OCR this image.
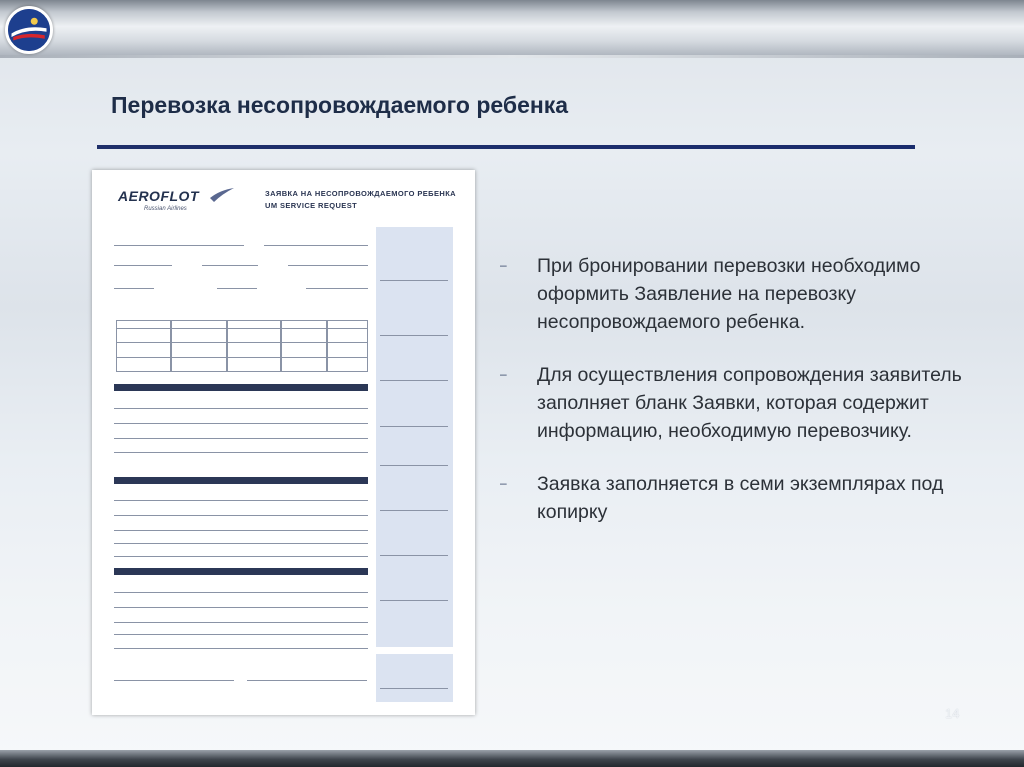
Перевозка несопровождаемого ребенка
AEROFLOT
Russian Airlines
ЗАЯВКА НА НЕСОПРОВОЖДАЕМОГО РЕБЕНКА
UM SERVICE REQUEST
– При бронировании перевозки необходимо оформить Заявление на перевозку несопровождаемого ребенка.
– Для осуществления сопровождения заявитель заполняет бланк Заявки, которая содержит информацию, необходимую перевозчику.
– Заявка заполняется в семи экземплярах под копирку
14
